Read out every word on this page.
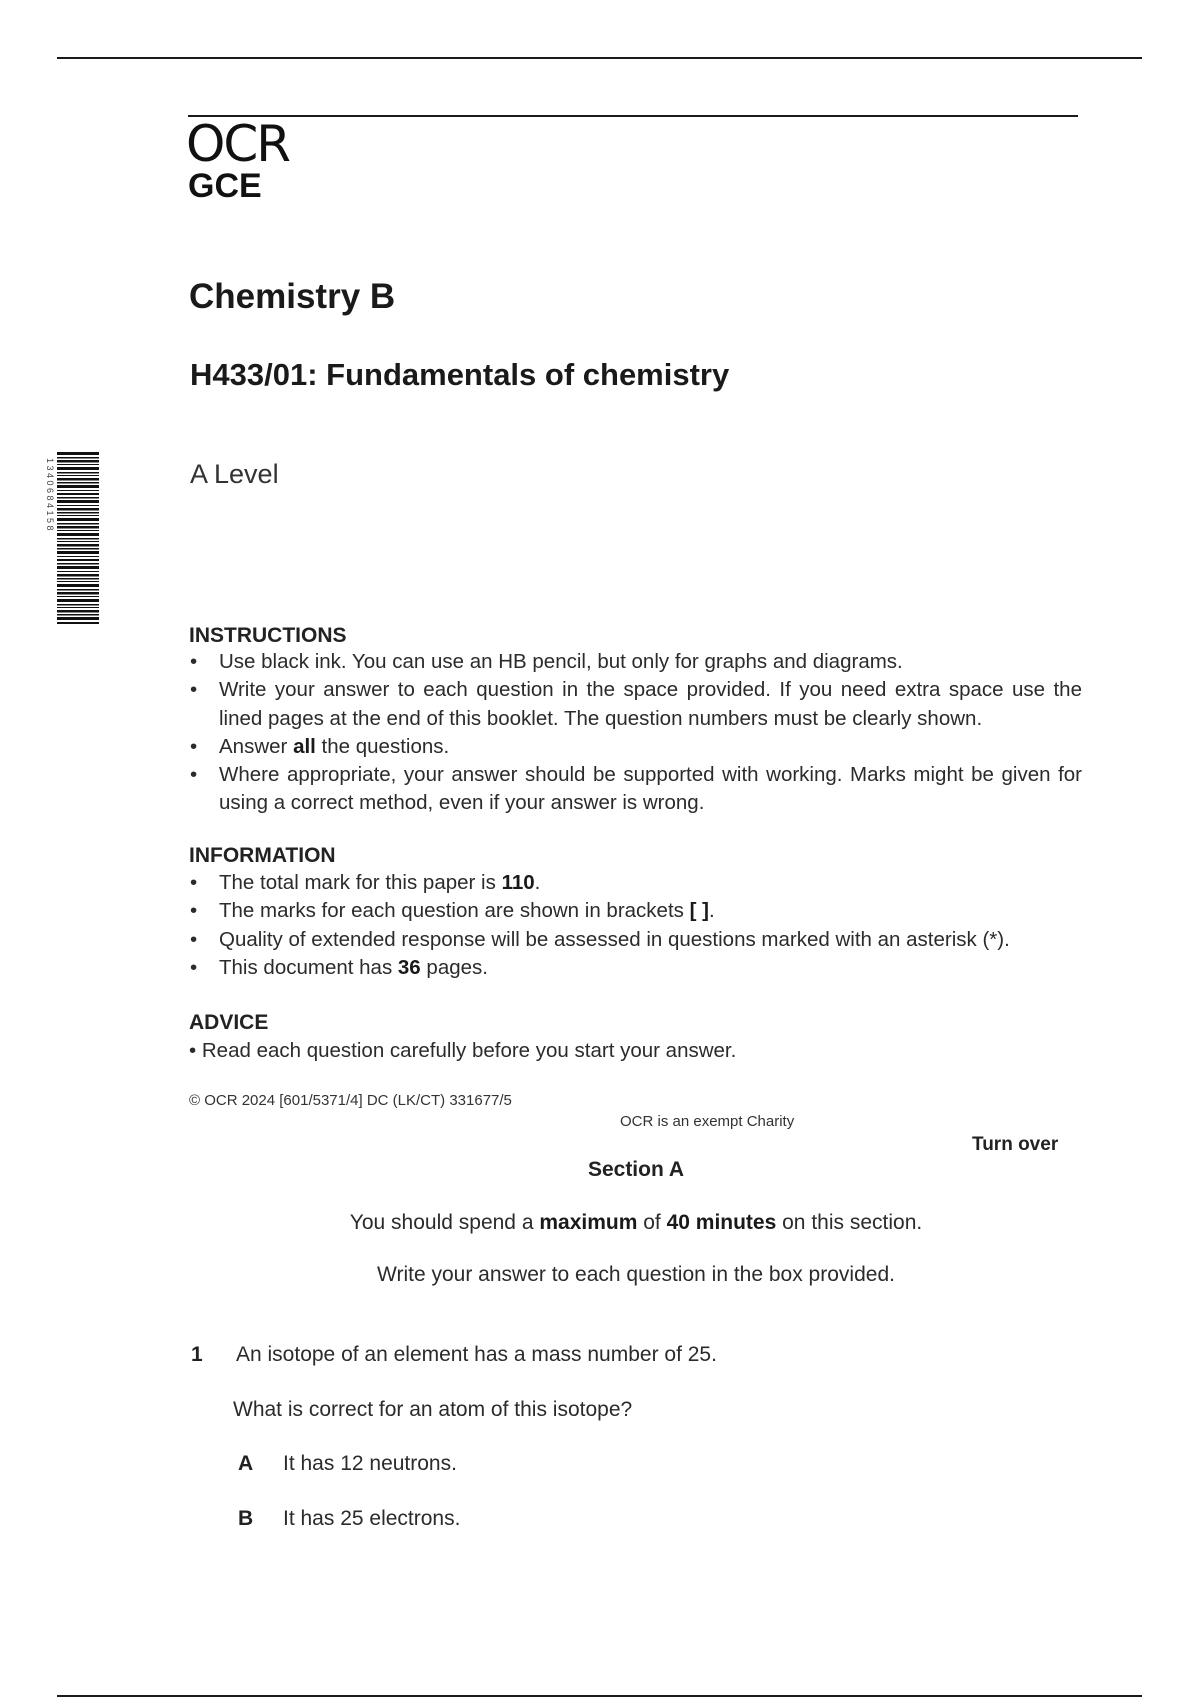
OCR
GCE
Chemistry B
H433/01: Fundamentals of chemistry
A Level
1 3 4 0 6 8 4 1 5 8
INSTRUCTIONS
• Use black ink. You can use an HB pencil, but only for graphs and diagrams.
• Write your answer to each question in the space provided. If you need extra space use the lined pages at the end of this booklet. The question numbers must be clearly shown.
• Answer all the questions.
• Where appropriate, your answer should be supported with working. Marks might be given for using a correct method, even if your answer is wrong.
INFORMATION
• The total mark for this paper is 110.
• The marks for each question are shown in brackets [ ].
• Quality of extended response will be assessed in questions marked with an asterisk (*).
• This document has 36 pages.
ADVICE
• Read each question carefully before you start your answer.
© OCR 2024 [601/5371/4] DC (LK/CT) 331677/5
OCR is an exempt Charity
Turn over
Section A
You should spend a maximum of 40 minutes on this section.
Write your answer to each question in the box provided.
1 An isotope of an element has a mass number of 25.
What is correct for an atom of this isotope?
A It has 12 neutrons.
B It has 25 electrons.
